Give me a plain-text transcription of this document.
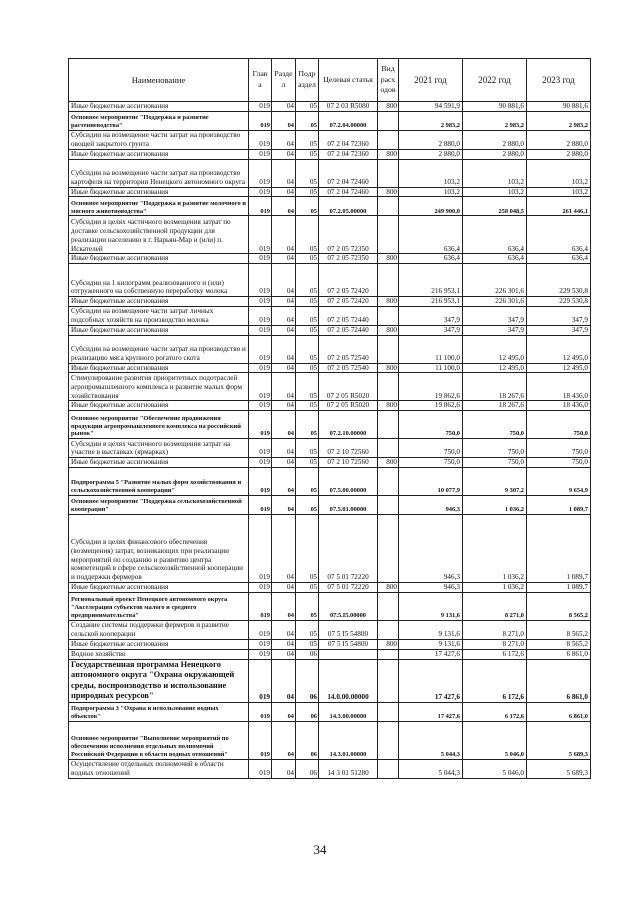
Наименование	Глав а	Разде л	Подр аздел	Целевая статья	Вид расх одов	2021 год	2022 год	2023 год
Иные бюджетные ассигнования	019	04	05	07 2 03 R5080	800	94 591,9	90 881,6	90 881,6
Основное мероприятие "Поддержка и развитие растениеводства"	019	04	05	07.2.04.00000		2 983,2	2 983,2	2 983,2
Субсидии на возмещение части затрат на производство овощей закрытого грунта	019	04	05	07 2 04 72360		2 880,0	2 880,0	2 880,0
Иные бюджетные ассигнования	019	04	05	07 2 04 72360	800	2 880,0	2 880,0	2 880,0
Субсидии на возмещение части затрат на производство картофеля на территории Ненецкого автономного округа	019	04	05	07 2 04 72460		103,2	103,2	103,2
Иные бюджетные ассигнования	019	04	05	07 2 04 72460	800	103,2	103,2	103,2
Основное мероприятие "Поддержка и развитие молочного и мясного животноводства"	019	04	05	07.2.05.00000		249 900,0	258 048,5	261 446,1
Субсидии в целях частичного возмещения затрат по доставке сельскохозяйственной продукции для реализации населению в г. Нарьян-Мар и (или) п. Искателей	019	04	05	07 2 05 72350		636,4	636,4	636,4
Иные бюджетные ассигнования	019	04	05	07 2 05 72350	800	636,4	636,4	636,4
Субсидии на 1 килограмм реализованного и (или) отгруженного на собственную переработку молока	019	04	05	07 2 05 72420		216 953,1	226 301,6	229 530,8
Иные бюджетные ассигнования	019	04	05	07 2 05 72420	800	216 953,1	226 301,6	229 530,8
Субсидии на возмещение части затрат личных подсобных хозяйств на производство молока	019	04	05	07 2 05 72440		347,9	347,9	347,9
Иные бюджетные ассигнования	019	04	05	07 2 05 72440	800	347,9	347,9	347,9
Субсидии на возмещение части затрат на производство и реализацию мяса крупного рогатого скота	019	04	05	07 2 05 72540		11 100,0	12 495,0	12 495,0
Иные бюджетные ассигнования	019	04	05	07 2 05 72540	800	11 100,0	12 495,0	12 495,0
Стимулирование развития приоритетных подотраслей агропромышленного комплекса и развитие малых форм хозяйствования	019	04	05	07 2 05 R5020		19 862,6	18 267,6	18 436,0
Иные бюджетные ассигнования	019	04	05	07 2 05 R5020	800	19 862,6	18 267,6	18 436,0
Основное мероприятие "Обеспечение продвижения продукции агропромышленного комплекса на российский рынок"	019	04	05	07.2.10.00000		750,0	750,0	750,0
Субсидии в целях частичного возмещения затрат на участие в выставках (ярмарках)	019	04	05	07 2 10 72560		750,0	750,0	750,0
Иные бюджетные ассигнования	019	04	05	07 2 10 72560	800	750,0	750,0	750,0
Подпрограмма 5 "Развитие малых форм хозяйствования и сельскохозяйственной кооперации"	019	04	05	07.5.00.00000		10 077,9	9 307,2	9 654,9
Основное мероприятие "Поддержка сельскохозяйственной кооперации"	019	04	05	07.5.01.00000		946,3	1 036,2	1 089,7
Субсидии в целях финансового обеспечения (возмещения) затрат, возникающих при реализации мероприятий по созданию и развитию центра компетенций в сфере сельскохозяйственной кооперации и поддержки фермеров	019	04	05	07 5 01 72220		946,3	1 036,2	1 089,7
Иные бюджетные ассигнования	019	04	05	07 5 01 72220	800	946,3	1 036,2	1 089,7
Региональный проект Ненецкого автономного округа "Акселерация субъектов малого и среднего предпринимательства"	019	04	05	07.5.I5.00000		9 131,6	8 271,0	8 565,2
Создание системы поддержки фермеров и развитие сельской кооперации	019	04	05	07 5 I5 54800		9 131,6	8 271,0	8 565,2
Иные бюджетные ассигнования	019	04	05	07 5 I5 54800	800	9 131,6	8 271,0	8 565,2
Водное хозяйство	019	04	06			17 427,6	6 172,6	6 861,0
Государственная программа Ненецкого автономного округа "Охрана окружающей среды, воспроизводство и использование природных ресурсов"	019	04	06	14.0.00.00000		17 427,6	6 172,6	6 861,0
Подпрограмма 3 "Охрана и использование водных объектов"	019	04	06	14.3.00.00000		17 427,6	6 172,6	6 861,0
Основное мероприятие "Выполнение мероприятий по обеспечению исполнения отдельных полномочий Российской Федерации в области водных отношений"	019	04	06	14.3.01.00000		5 044,3	5 046,0	5 689,3
Осуществление отдельных полномочий в области водных отношений	019	04	06	14 3 01 51280		5 044,3	5 046,0	5 689,3
34
